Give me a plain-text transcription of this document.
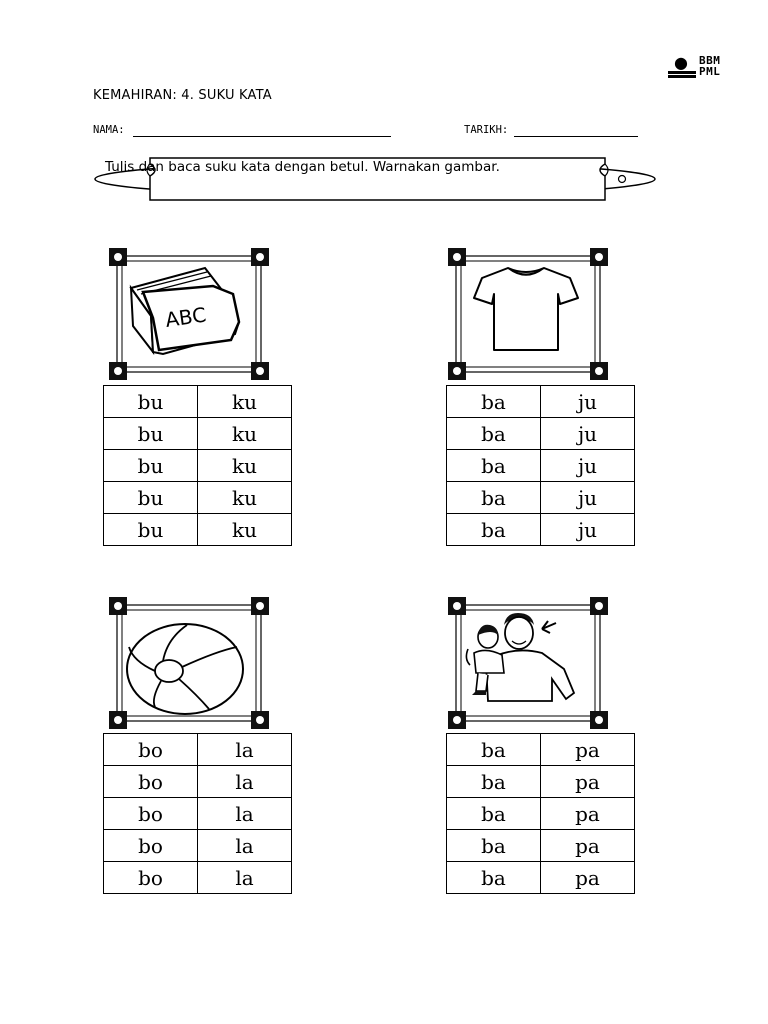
● BBM
PML
KEMAHIRAN: 4. SUKU KATA
NAMA:	TARIKH:
Tulis dan baca suku kata dengan betul. Warnakan gambar.
ABC
bu	ku
bu	ku
bu	ku
bu	ku
bu	ku
ba	ju
ba	ju
ba	ju
ba	ju
ba	ju
bo	la
bo	la
bo	la
bo	la
bo	la
ba	pa
ba	pa
ba	pa
ba	pa
ba	pa
